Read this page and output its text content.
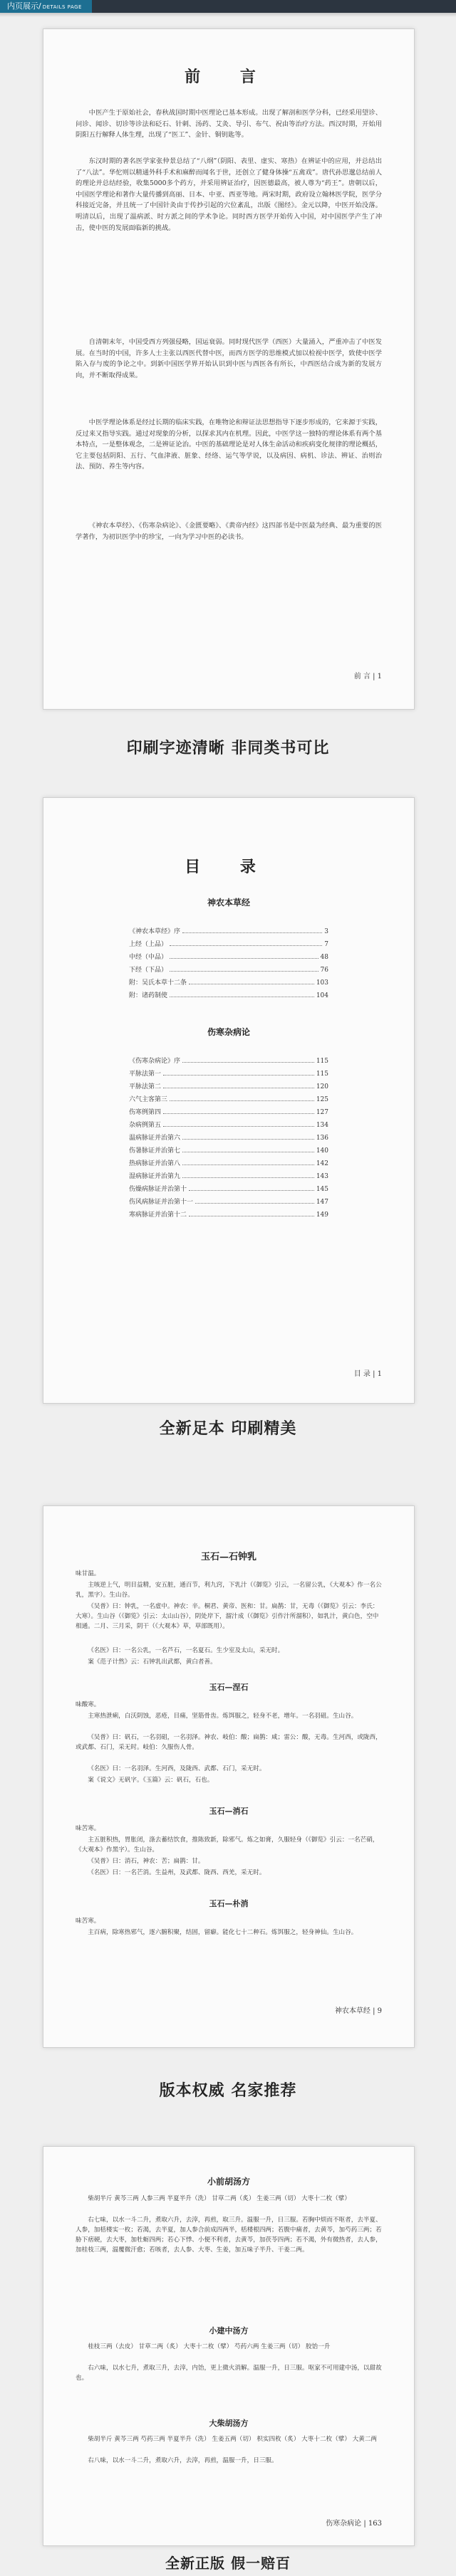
内页展示/ DETAILS PAGE
前 言

中医产生于原始社会，春秋战国时期中医理论已基本形成。出现了解剖和医学分科，已经采用望诊、问诊、闻诊、切诊等诊法和砭石、针刺、汤药、艾灸、导引、布气、祝由等治疗方法。西汉时期，开始用阴阳五行解释人体生理，出现了“医工”、金针、铜钥匙等。

东汉时期的著名医学家张仲景总结了“八纲”（阴阳、表里、虚实、寒热）在辨证中的应用，并总结出了“八法”。华佗则以精通外科手术和麻醉而闻名于世，还创立了健身体操“五禽戏”。唐代孙思邈总结前人的理论并总结经验，收集5000多个药方，并采用辨证治疗，因医德最高，被人尊为“药王”。唐朝以后，中国医学理论和著作大量传播到高丽、日本、中亚、西亚等地。两宋时期，政府设立翰林医学院，医学分科接近完备，并且统一了中国针灸由于传抄引起的穴位紊乱，出版《图经》。金元以降，中医开始没落。明清以后，出现了温病派、时方派之间的学术争论。同时西方医学开始传入中国，对中国医学产生了冲击，使中医的发展面临新的挑战。

自清朝末年，中国受西方列强侵略，国运衰弱。同时现代医学（西医）大量涌入，严重冲击了中医发展。在当时的中国，许多人士主张以西医代替中医，而西方医学的思维模式加以检视中医学，致使中医学陷入存与废的争论之中。到新中国医学界开始认识到中医与西医各有所长，中西医结合成为新的发展方向，并不断取得成果。

中医学理论体系是经过长期的临床实践，在唯物论和辩证法思想指导下逐步形成的，它来源于实践，反过来又指导实践。通过对现象的分析，以探求其内在机理。因此，中医学这一独特的理论体系有两个基本特点，一是整体观念，二是辨证论治。中医的基础理论是对人体生命活动和疾病变化规律的理论概括，它主要包括阴阳、五行、气血津液、脏象、经络、运气等学说，以及病因、病机、诊法、辨证、治则治法、预防、养生等内容。

《神农本草经》、《伤寒杂病论》、《金匮要略》、《黄帝内经》这四部书是中医最为经典、最为重要的医学著作，为初识医学中的珍宝，一向为学习中医的必读书。

前 言 | 1
印刷字迹清晰 非同类书可比
目 录
神农本草经
《神农本草经》序	3
上经（上品）	7
中经（中品）	48
下经（下品）	76
附：吴氏本草十二条	103
附：诸药制使	104
伤寒杂病论
《伤寒杂病论》序	115
平脉法第一	115
平脉法第二	120
六气主客第三	125
伤寒例第四	127
杂病例第五	134
温病脉证并治第六	136
伤暑脉证并治第七	140
热病脉证并治第八	142
湿病脉证并治第九	143
伤燥病脉证并治第十	145
伤风病脉证并治第十一	147
寒病脉证并治第十二	149
目 录 | 1
全新足本 印刷精美
玉石—石钟乳

味甘温。

主咳逆上气，明目益精，安五脏，通百节，利九窍，下乳汁（《御览》引云，一名留公乳，《大观本》作一名公乳，黑字）。生山谷。

《吴普》曰：钟乳，一名虚中。神农：辛。桐君、黄帝、医和：甘。扁鹊：甘，无毒（《御览》引云：李氏：大寒）。生山谷（《御览》引云：太山山谷），阴处岸下，溜汁成（《御览》引作汁所溜积），如乳汁，黄白色，空中相通。二月、三月采，阴干（《大观本》草，草部既用）。

《名医》曰：一名公乳，一名芦石，一名夏石。生少室及太山，采无时。

案《范子计然》云：石钟乳出武都，黄白者善。

玉石—涅石

味酸寒。

主寒热泄痢，白沃阴蚀，恶疮，目痛，坚筋骨齿。炼饵服之，轻身不老，增年。一名羽砠。生山谷。

《吴普》曰：矾石，一名羽砠，一名羽泽。神农、岐伯：酸；扁鹊：咸；雷公：酸，无毒。生河西，或陇西，或武都、石门，采无时。岐伯：久服伤人骨。

《名医》曰：一名羽泽。生河西，及陇西、武都、石门，采无时。

案《说文》无矾字。《玉篇》云：矾石，石也。

玉石—消石

味苦寒。

主五脏积热，胃胀闭，涤去蓄结饮食，推陈致新，除邪气。炼之如膏，久服轻身（《御览》引云：一名芒硝，《大观本》作黑字）。生山谷。

《吴普》曰：消石，神农：苦；扁鹊：甘。

《名医》曰：一名芒消。生益州，及武都、陇西、西羌，采无时。

玉石—朴消

味苦寒。

主百病，除寒热邪气，逐六腑积聚，结固，留癖。能化七十二种石。炼饵服之，轻身神仙。生山谷。

神农本草经 | 9
版本权威 名家推荐
小前胡汤方

柴胡半斤 黄芩三两 人参三两 半夏半升（洗） 甘草二两（炙） 生姜三两（切） 大枣十二枚（擘）

右七味，以水一斗二升，煮取六升，去滓，再煎，取三升。温服一升，日三服。若胸中烦而不呕者，去半夏、人参，加栝楼实一枚；若渴，去半夏，加人参合前成四两半，栝楼根四两；若腹中痛者，去黄芩，加芍药三两；若胁下痞硬，去大枣，加牡蛎四两；若心下悸、小便不利者，去黄芩，加茯苓四两；若不渴，外有微热者，去人参，加桂枝三两，温覆微汗愈；若咳者，去人参、大枣、生姜，加五味子半升、干姜二两。

小建中汤方

桂枝三两（去皮） 甘草二两（炙） 大枣十二枚（擘） 芍药六两 生姜三两（切） 胶饴一升

右六味，以水七升，煮取三升，去滓，内饴，更上微火消解。温服一升，日三服。呕家不可用建中汤，以甜故也。

大柴胡汤方

柴胡半斤 黄芩三两 芍药三两 半夏半升（洗） 生姜五两（切） 枳实四枚（炙） 大枣十二枚（擘） 大黄二两

右八味，以水一斗二升，煮取六升，去滓，再煎，温服一升，日三服。

伤寒杂病论 | 163
全新正版 假一赔百
